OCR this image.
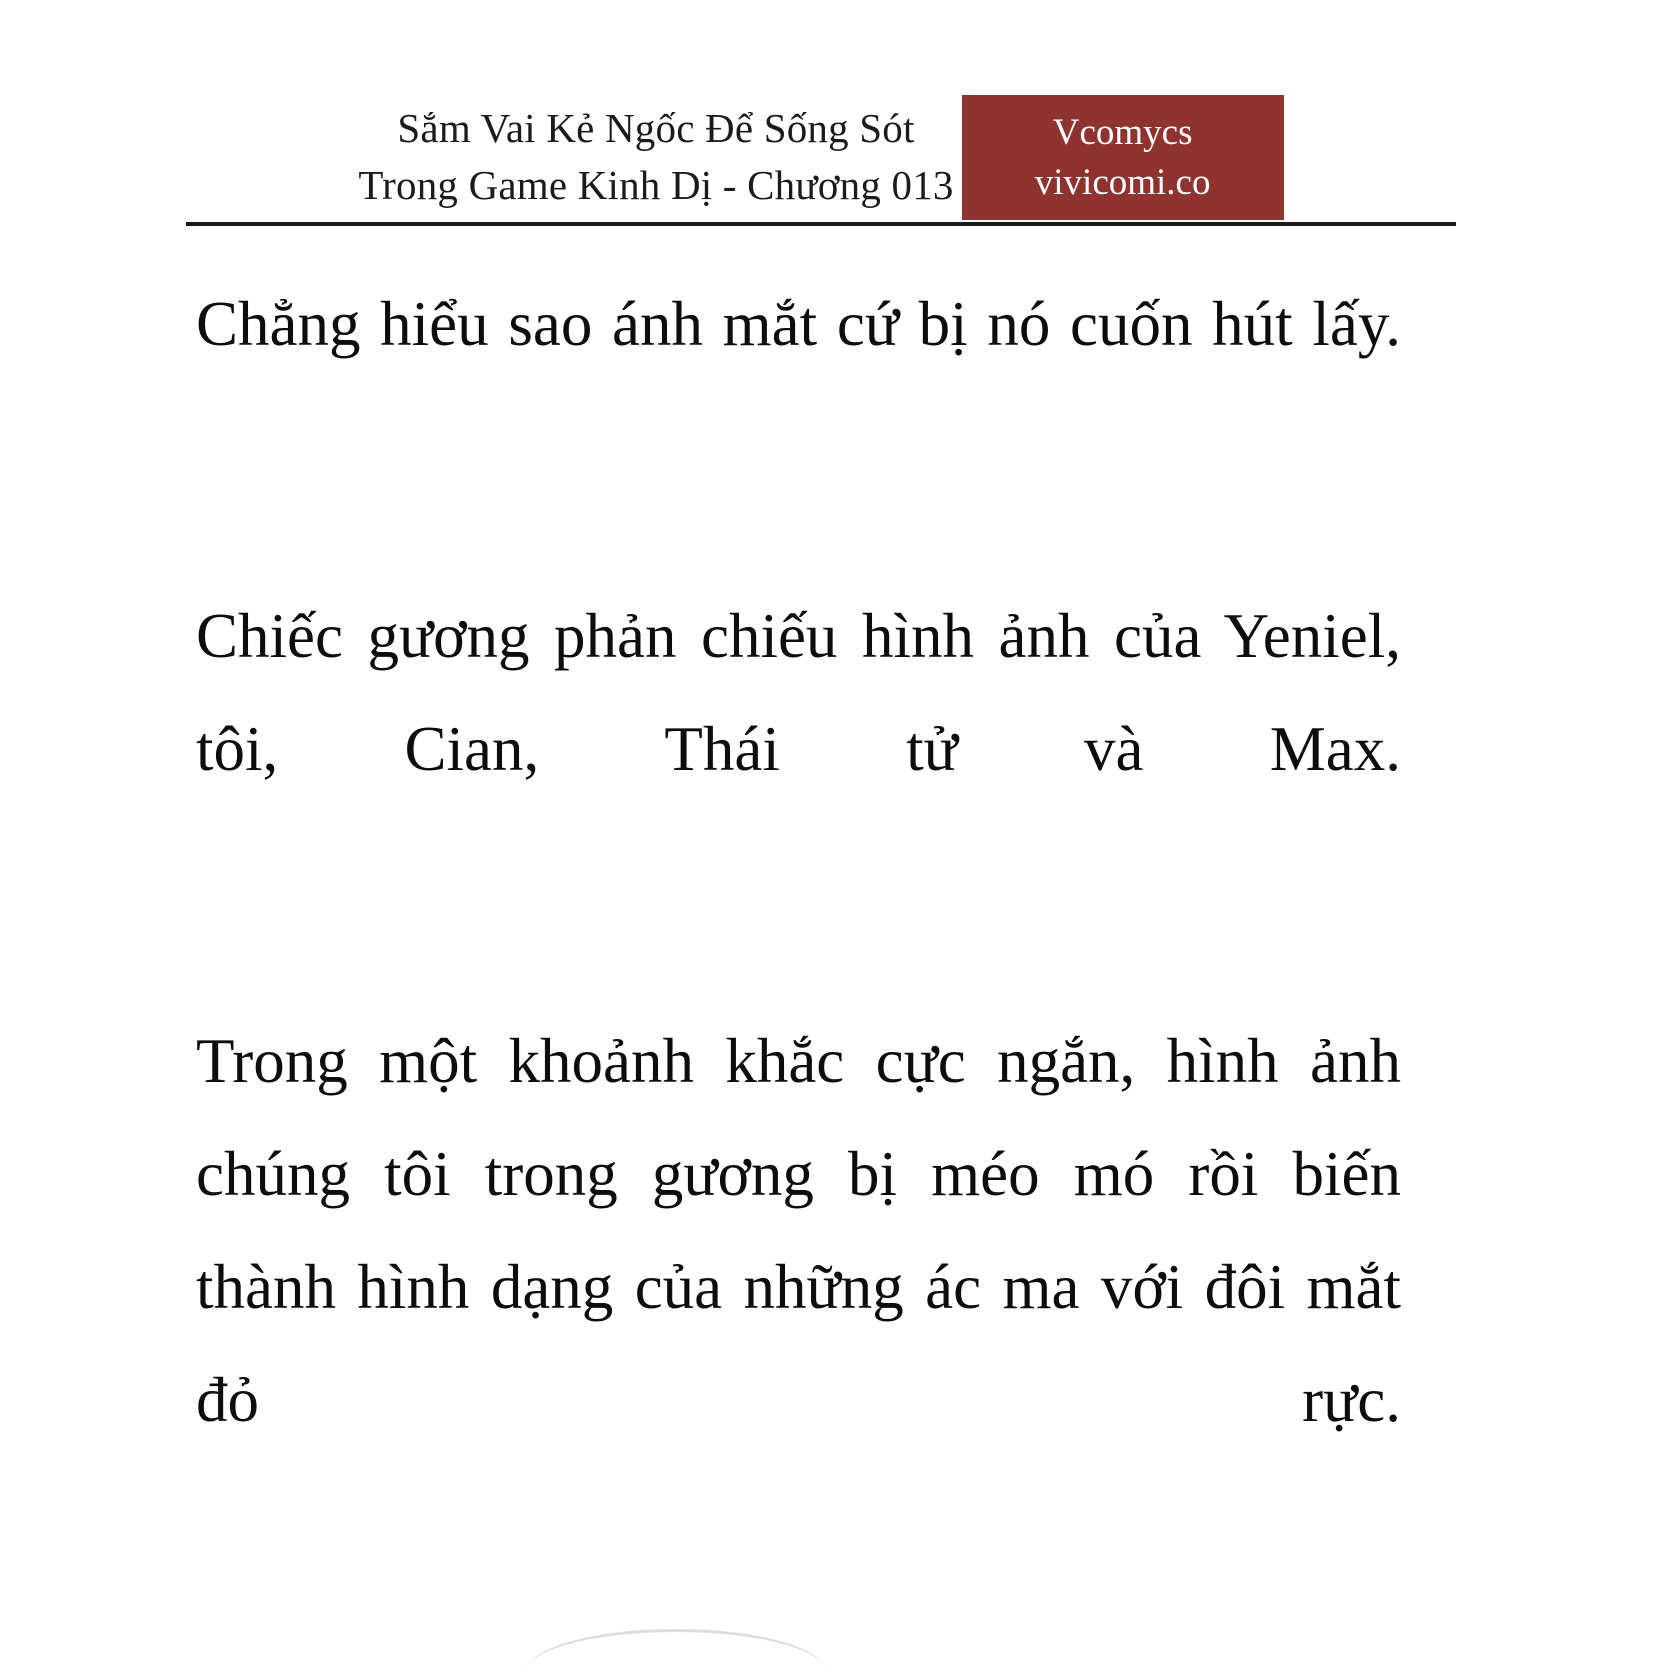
Sắm Vai Kẻ Ngốc Để Sống Sót
Trong Game Kinh Dị - Chương 013
Vcomycs
vivicomi.co

Chẳng hiểu sao ánh mắt cứ bị nó cuốn hút lấy.

Chiếc gương phản chiếu hình ảnh của Yeniel, tôi, Cian, Thái tử và Max.

Trong một khoảnh khắc cực ngắn, hình ảnh chúng tôi trong gương bị méo mó rồi biến thành hình dạng của những ác ma với đôi mắt đỏ rực.
